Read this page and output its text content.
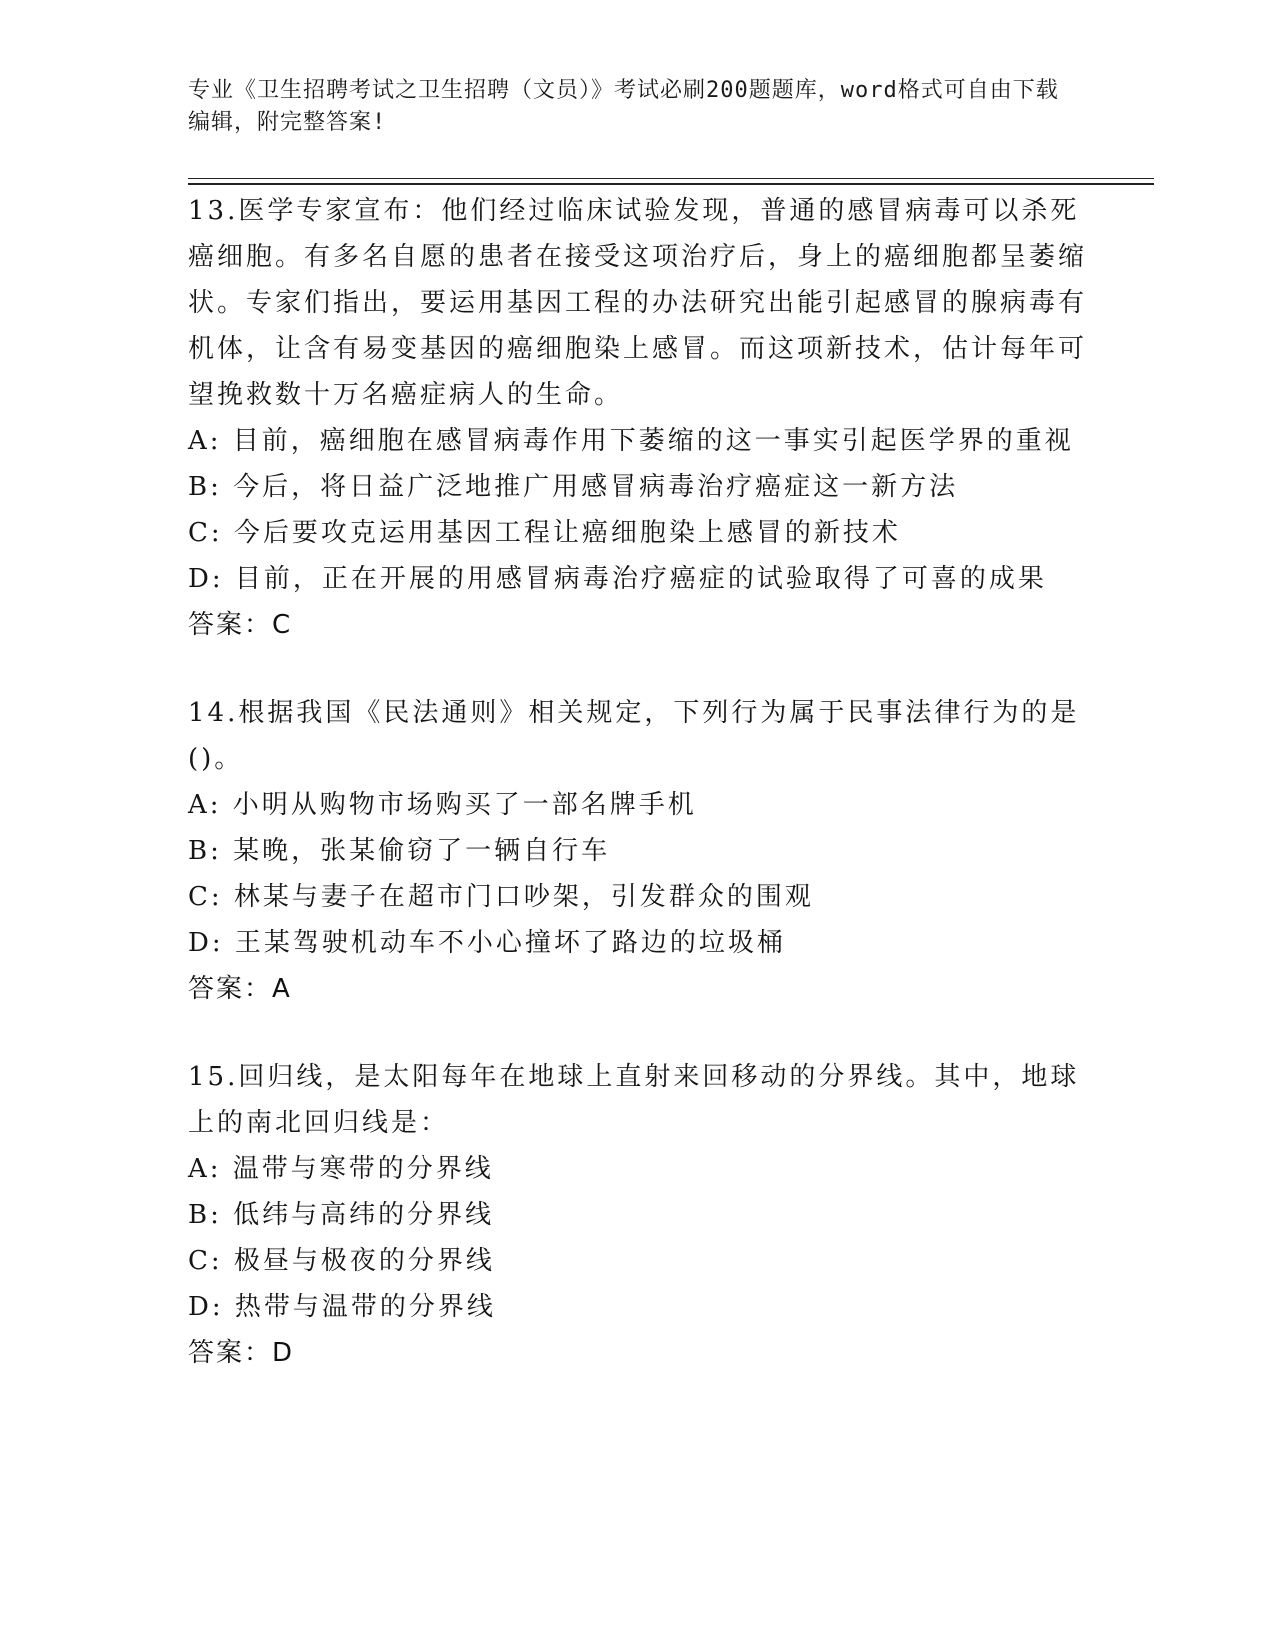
专业《卫生招聘考试之卫生招聘（文员）》考试必刷200题题库，word格式可自由下载编辑，附完整答案!
13.医学专家宣布：他们经过临床试验发现，普通的感冒病毒可以杀死癌细胞。有多名自愿的患者在接受这项治疗后，身上的癌细胞都呈萎缩状。专家们指出，要运用基因工程的办法研究出能引起感冒的腺病毒有机体，让含有易变基因的癌细胞染上感冒。而这项新技术，估计每年可望挽救数十万名癌症病人的生命。
A: 目前，癌细胞在感冒病毒作用下萎缩的这一事实引起医学界的重视
B: 今后，将日益广泛地推广用感冒病毒治疗癌症这一新方法
C: 今后要攻克运用基因工程让癌细胞染上感冒的新技术
D: 目前，正在开展的用感冒病毒治疗癌症的试验取得了可喜的成果
答案：C
14.根据我国《民法通则》相关规定，下列行为属于民事法律行为的是()。
A: 小明从购物市场购买了一部名牌手机
B: 某晚，张某偷窃了一辆自行车
C: 林某与妻子在超市门口吵架，引发群众的围观
D: 王某驾驶机动车不小心撞坏了路边的垃圾桶
答案：A
15.回归线，是太阳每年在地球上直射来回移动的分界线。其中，地球上的南北回归线是：
A: 温带与寒带的分界线
B: 低纬与高纬的分界线
C: 极昼与极夜的分界线
D: 热带与温带的分界线
答案：D
